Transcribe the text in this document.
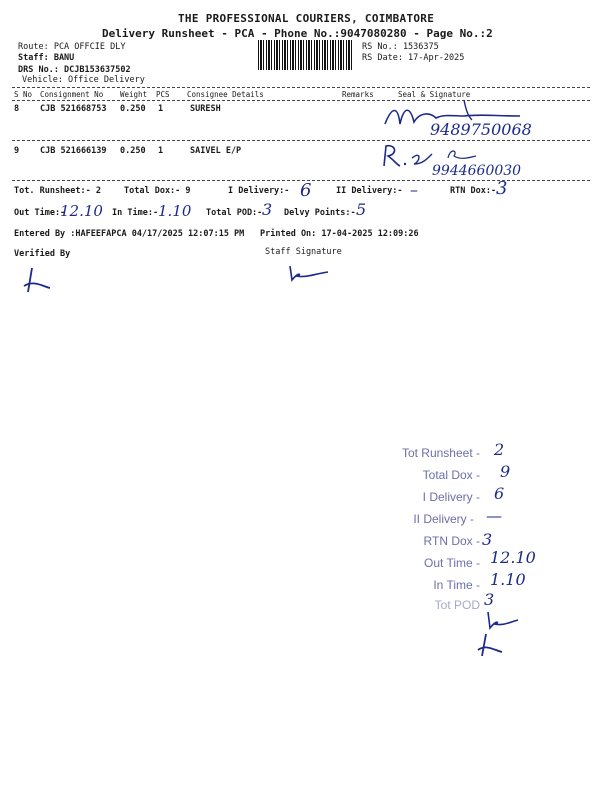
THE PROFESSIONAL COURIERS, COIMBATORE
Delivery Runsheet - PCA - Phone No.:9047080280 - Page No.:2
Route: PCA OFFCIE DLY
Staff: BANU
DRS No.: DCJB153637502
Vehicle: Office Delivery
RS No.: 1536375
RS Date: 17-Apr-2025
S No Consignment No Weight PCS Consignee Details	Remarks	Seal & Signature
8 CJB 521668753 0.250 1	SURESH
9489750068
9 CJB 521666139 0.250 1	SAIVEL E/P
9944660030
Tot. Runsheet:- 2	Total Dox:- 9	I Delivery:- 6	II Delivery:- –	RTN Dox:- 3
Out Time:-
12.10 In Time:- 1.10 Total POD:- 3 Delvy Points:- 5
Entered By :HAFEEFAPCA 04/17/2025 12:07:15 PM Printed On: 17-04-2025 12:09:26
Verified By	Staff Signature
Tot Runsheet - 2
Total Dox - 9
I Delivery - 6
II Delivery - —
RTN Dox - 3
Out Time - 12.10
In Time - 1.10
Tot POD 3
